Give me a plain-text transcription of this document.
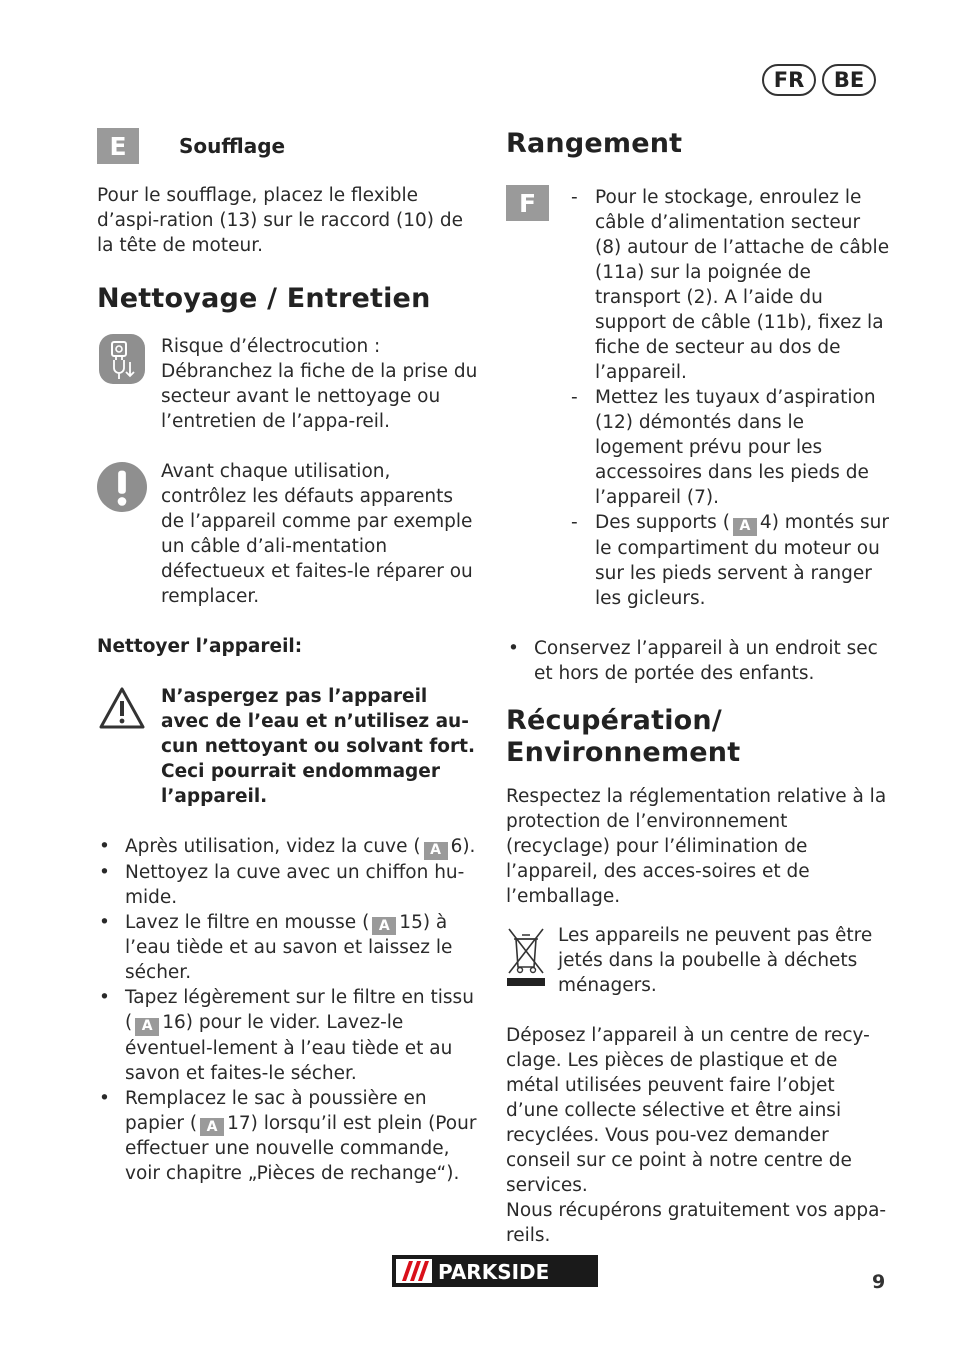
FR	BE
E	Soufflage

Pour le soufflage, placez le flexible d’aspi-ration (13) sur le raccord (10) de la tête de moteur.

Nettoyage / Entretien
Risque d’électrocution : Débranchez la fiche de la prise du secteur avant le nettoyage ou l’entretien de l’appa-reil.
Avant chaque utilisation, contrôlez les défauts apparents de l’appareil comme par exemple un câble d’ali-mentation défectueux et faites-le réparer ou remplacer.

Nettoyer l’appareil:

N’aspergez pas l’appareil avec de l’eau et n’utilisez au-cun nettoyant ou solvant fort. Ceci pourrait endommager l’appareil.
• Après utilisation, videz la cuve ( A 6).
• Nettoyez la cuve avec un chiffon hu-mide.
• Lavez le filtre en mousse ( A 15) à l’eau tiède et au savon et laissez le sécher.
• Tapez légèrement sur le filtre en tissu ( A 16) pour le vider. Lavez-le éventuel-lement à l’eau tiède et au savon et faites-le sécher.
• Remplacez le sac à poussière en papier ( A 17) lorsqu’il est plein (Pour effectuer une nouvelle commande, voir chapitre „Pièces de rechange“).
Rangement
F
-	Pour le stockage, enroulez le câble d’alimentation secteur (8) autour de l’attache de câble (11a) sur la poignée de transport (2). A l’aide du support de câble (11b), fixez la fiche de secteur au dos de l’appareil.
- Mettez les tuyaux d’aspiration (12) démontés dans le logement prévu pour les accessoires dans les pieds de l’appareil (7).
- Des supports ( A 4) montés sur le compartiment du moteur ou sur les pieds servent à ranger les gicleurs.
• Conservez l’appareil à un endroit sec et hors de portée des enfants.
Récupération/
Environnement

Respectez la réglementation relative à la protection de l’environnement (recyclage) pour l’élimination de l’appareil, des acces-soires et de l’emballage.

Les appareils ne peuvent pas être jetés dans la poubelle à déchets ménagers.

Déposez l’appareil à un centre de recy-clage. Les pièces de plastique et de métal utilisées peuvent faire l’objet d’une collecte sélective et être ainsi recyclées. Vous pou-vez demander conseil sur ce point à notre centre de services.

Nous récupérons gratuitement vos appa-reils.

PARKSIDE	9
